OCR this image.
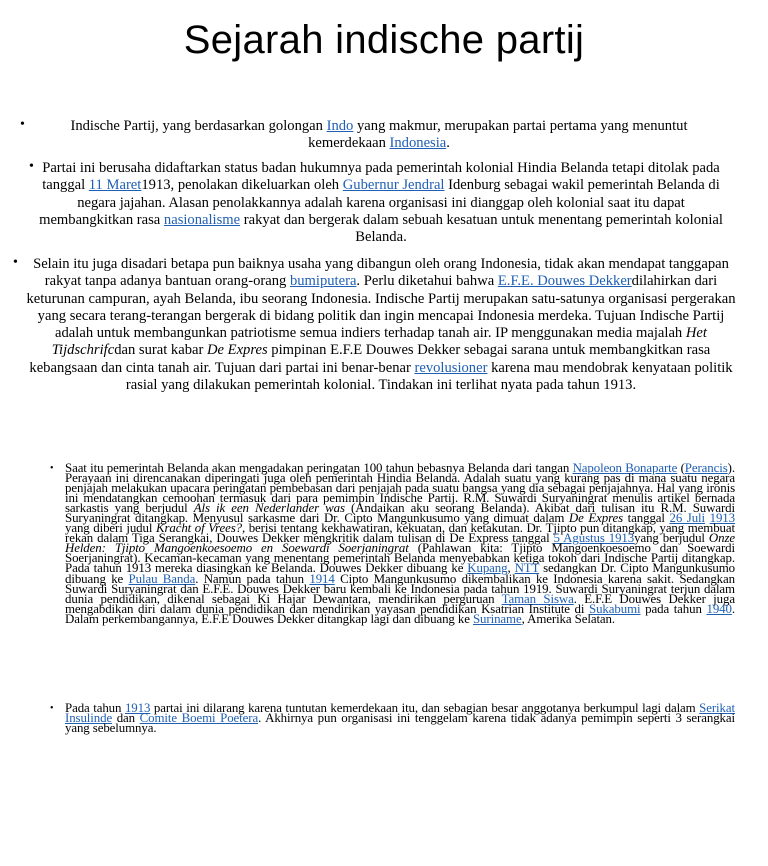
Sejarah indische partij
•	Indische Partij, yang berdasarkan golongan Indo yang makmur, merupakan partai pertama yang menuntut kemerdekaan Indonesia.
• Partai ini berusaha didaftarkan status badan hukumnya pada pemerintah kolonial Hindia Belanda tetapi ditolak pada tanggal 11 Maret1913, penolakan dikeluarkan oleh Gubernur Jendral Idenburg sebagai wakil pemerintah Belanda di negara jajahan. Alasan penolakkannya adalah karena organisasi ini dianggap oleh kolonial saat itu dapat membangkitkan rasa nasionalisme rakyat dan bergerak dalam sebuah kesatuan untuk menentang pemerintah kolonial Belanda.
•	Selain itu juga disadari betapa pun baiknya usaha yang dibangun oleh orang Indonesia, tidak akan mendapat tanggapan rakyat tanpa adanya bantuan orang-orang bumiputera. Perlu diketahui bahwa E.F.E. Douwes Dekkerdilahirkan dari keturunan campuran, ayah Belanda, ibu seorang Indonesia. Indische Partij merupakan satu-satunya organisasi pergerakan yang secara terang-terangan bergerak di bidang politik dan ingin mencapai Indonesia merdeka. Tujuan Indische Partij adalah untuk membangunkan patriotisme semua indiers terhadap tanah air. IP menggunakan media majalah Het Tijdschrifcdan surat kabar De Expres pimpinan E.F.E Douwes Dekker sebagai sarana untuk membangkitkan rasa kebangsaan dan cinta tanah air. Tujuan dari partai ini benar-benar revolusioner karena mau mendobrak kenyataan politik rasial yang dilakukan pemerintah kolonial. Tindakan ini terlihat nyata pada tahun 1913.
• Saat itu pemerintah Belanda akan mengadakan peringatan 100 tahun bebasnya Belanda dari tangan Napoleon Bonaparte (Perancis). Perayaan ini direncanakan diperingati juga oleh pemerintah Hindia Belanda. Adalah suatu yang kurang pas di mana suatu negara penjajah melakukan upacara peringatan pembebasan dari penjajah pada suatu bangsa yang dia sebagai penjajahnya. Hal yang ironis ini mendatangkan cemoohan termasuk dari para pemimpin Indische Partij. R.M. Suwardi Suryaningrat menulis artikel bernada sarkastis yang berjudul Als ik een Nederlander was (Andaikan aku seorang Belanda). Akibat dari tulisan itu R.M. Suwardi Suryaningrat ditangkap. Menyusul sarkasme dari Dr. Cipto Mangunkusumo yang dimuat dalam De Expres tanggal 26 Juli 1913 yang diberi judul Kracht of Vrees?, berisi tentang kekhawatiran, kekuatan, dan ketakutan. Dr. Tjipto pun ditangkap, yang membuat rekan dalam Tiga Serangkai, Douwes Dekker mengkritik dalam tulisan di De Express tanggal 5 Agustus 1913yang berjudul Onze Helden: Tjipto Mangoenkoesoemo en Soewardi Soerjaningrat (Pahlawan kita: Tjipto Mangoenkoesoemo dan Soewardi Soerjaningrat). Kecaman-kecaman yang menentang pemerintah Belanda menyebabkan ketiga tokoh dari Indische Partij ditangkap. Pada tahun 1913 mereka diasingkan ke Belanda. Douwes Dekker dibuang ke Kupang, NTT sedangkan Dr. Cipto Mangunkusumo dibuang ke Pulau Banda. Namun pada tahun 1914 Cipto Mangunkusumo dikembalikan ke Indonesia karena sakit. Sedangkan Suwardi Suryaningrat dan E.F.E. Douwes Dekker baru kembali ke Indonesia pada tahun 1919. Suwardi Suryaningrat terjun dalam dunia pendidikan, dikenal sebagai Ki Hajar Dewantara, mendirikan perguruan Taman Siswa. E.F.E Douwes Dekker juga mengabdikan diri dalam dunia pendidikan dan mendirikan yayasan pendidikan Ksatrian Institute di Sukabumi pada tahun 1940. Dalam perkembangannya, E.F.E Douwes Dekker ditangkap lagi dan dibuang ke Suriname, Amerika Selatan.
• Pada tahun 1913 partai ini dilarang karena tuntutan kemerdekaan itu, dan sebagian besar anggotanya berkumpul lagi dalam Serikat Insulinde dan Comite Boemi Poetera. Akhirnya pun organisasi ini tenggelam karena tidak adanya pemimpin seperti 3 serangkai yang sebelumnya.
